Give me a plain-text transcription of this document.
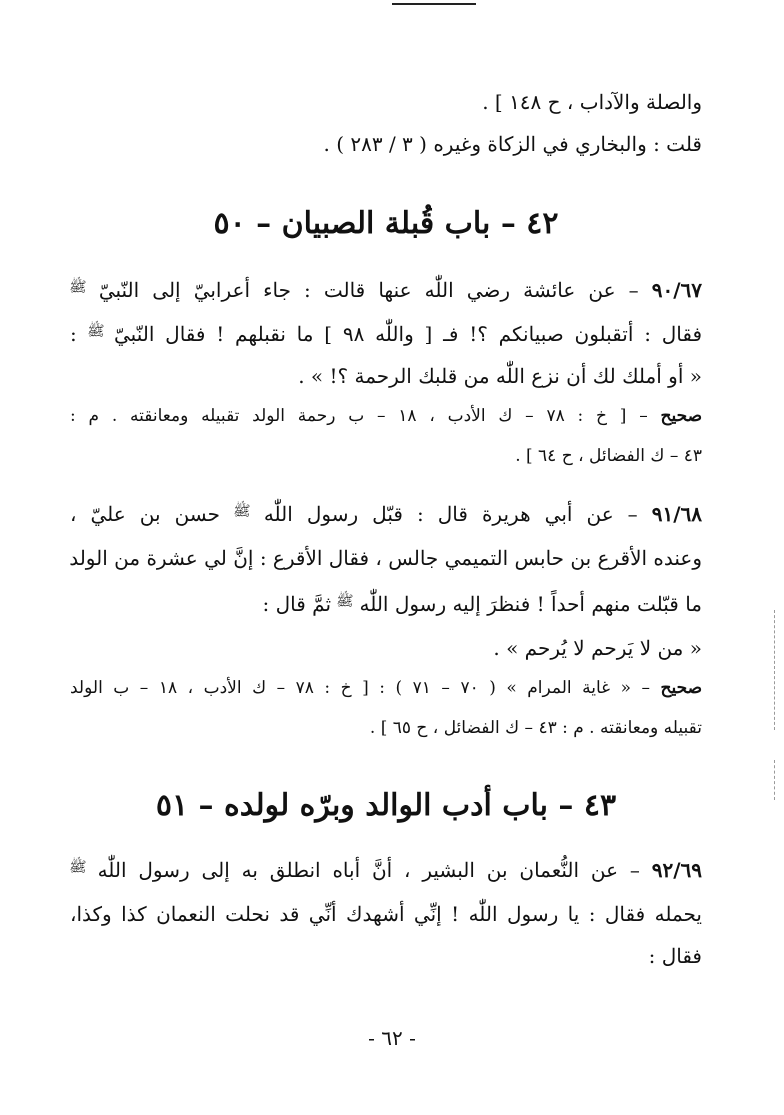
والصلة والآداب ، ح ١٤٨ ] .
قلت : والبخاري في الزكاة وغيره ( ٣ / ٢٨٣ ) .
٤٢ – باب قُبلة الصبيان – ٥٠
٩٠/٦٧ – عن عائشة رضي اللّٰه عنها قالت : جاء أعرابيّ إلى النّبيّ ﷺ
فقال : أتقبلون صبيانكم ؟! فـ [ واللّٰه ٩٨ ] ما نقبلهم ! فقال النّبيّ ﷺ :
« أو أملك لك أن نزع اللّٰه من قلبك الرحمة ؟! » .
صحيح – [ خ : ٧٨ – ك الأدب ، ١٨ – ب رحمة الولد تقبيله ومعانقته . م :
٤٣ – ك الفضائل ، ح ٦٤ ] .
٩١/٦٨ – عن أبي هريرة قال : قبّل رسول اللّٰه ﷺ حسن بن عليّ ،
وعنده الأقرع بن حابس التميمي جالس ، فقال الأقرع : إنَّ لي عشرة من الولد
ما قبّلت منهم أحداً ! فنظرَ إليه رسول اللّٰه ﷺ ثمَّ قال :
« من لا يَرحم لا يُرحم » .
صحيح – « غاية المرام » ( ٧٠ – ٧١ ) : [ خ : ٧٨ – ك الأدب ، ١٨ – ب الولد
تقبيله ومعانقته . م : ٤٣ – ك الفضائل ، ح ٦٥ ] .
٤٣ – باب أدب الوالد وبرّه لولده – ٥١
٩٢/٦٩ – عن النُّعمان بن البشير ، أنَّ أباه انطلق به إلى رسول اللّٰه ﷺ
يحمله فقال : يا رسول اللّٰه ! إنِّي أشهدك أنِّي قد نحلت النعمان كذا وكذا،
فقال :
- ٦٢ -
